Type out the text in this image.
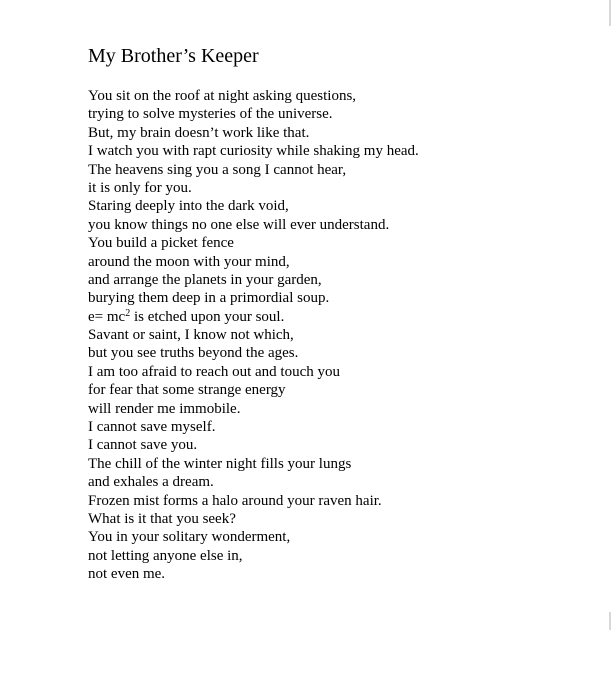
My Brother’s Keeper
You sit on the roof at night asking questions,
trying to solve mysteries of the universe.
But, my brain doesn’t work like that.
I watch you with rapt curiosity while shaking my head.
The heavens sing you a song I cannot hear,
it is only for you.
Staring deeply into the dark void,
you know things no one else will ever understand.
You build a picket fence
around the moon with your mind,
and arrange the planets in your garden,
burying them deep in a primordial soup.
$e= mc^2$ is etched upon your soul.
Savant or saint, I know not which,
but you see truths beyond the ages.
I am too afraid to reach out and touch you
for fear that some strange energy
will render me immobile.
I cannot save myself.
I cannot save you.
The chill of the winter night fills your lungs
and exhales a dream.
Frozen mist forms a halo around your raven hair.
What is it that you seek?
You in your solitary wonderment,
not letting anyone else in,
not even me.
